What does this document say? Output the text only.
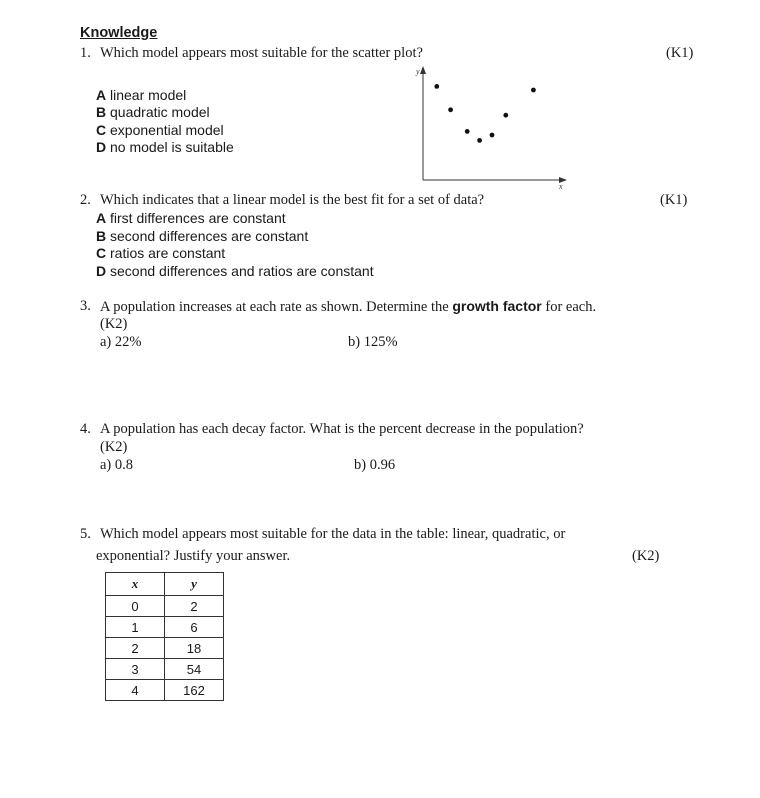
Knowledge
1. Which model appears most suitable for the scatter plot?	(K1)
A linear model
B quadratic model
C exponential model
D no model is suitable
y
x
2. Which indicates that a linear model is the best fit for a set of data?	(K1)
A first differences are constant
B second differences are constant
C ratios are constant
D second differences and ratios are constant
3. A population increases at each rate as shown. Determine the growth factor for each.
(K2)
a) 22%	b) 125%
4. A population has each decay factor. What is the percent decrease in the population?
(K2)
a) 0.8	b) 0.96
5. Which model appears most suitable for the data in the table: linear, quadratic, or
exponential? Justify your answer.	(K2)
x	y
0	2
1	6
2	18
3	54
4	162
